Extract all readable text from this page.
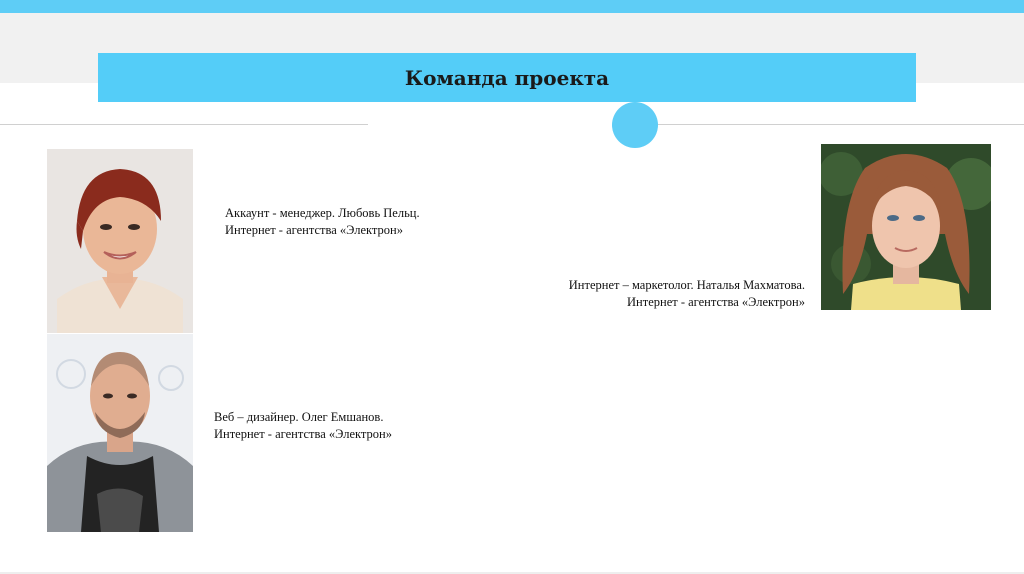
Команда проекта
Аккаунт - менеджер. Любовь Пельц.
Интернет - агентства «Электрон»
Интернет – маркетолог. Наталья Махматова.
Интернет - агентства «Электрон»
Веб – дизайнер. Олег Емшанов.
Интернет - агентства «Электрон»
